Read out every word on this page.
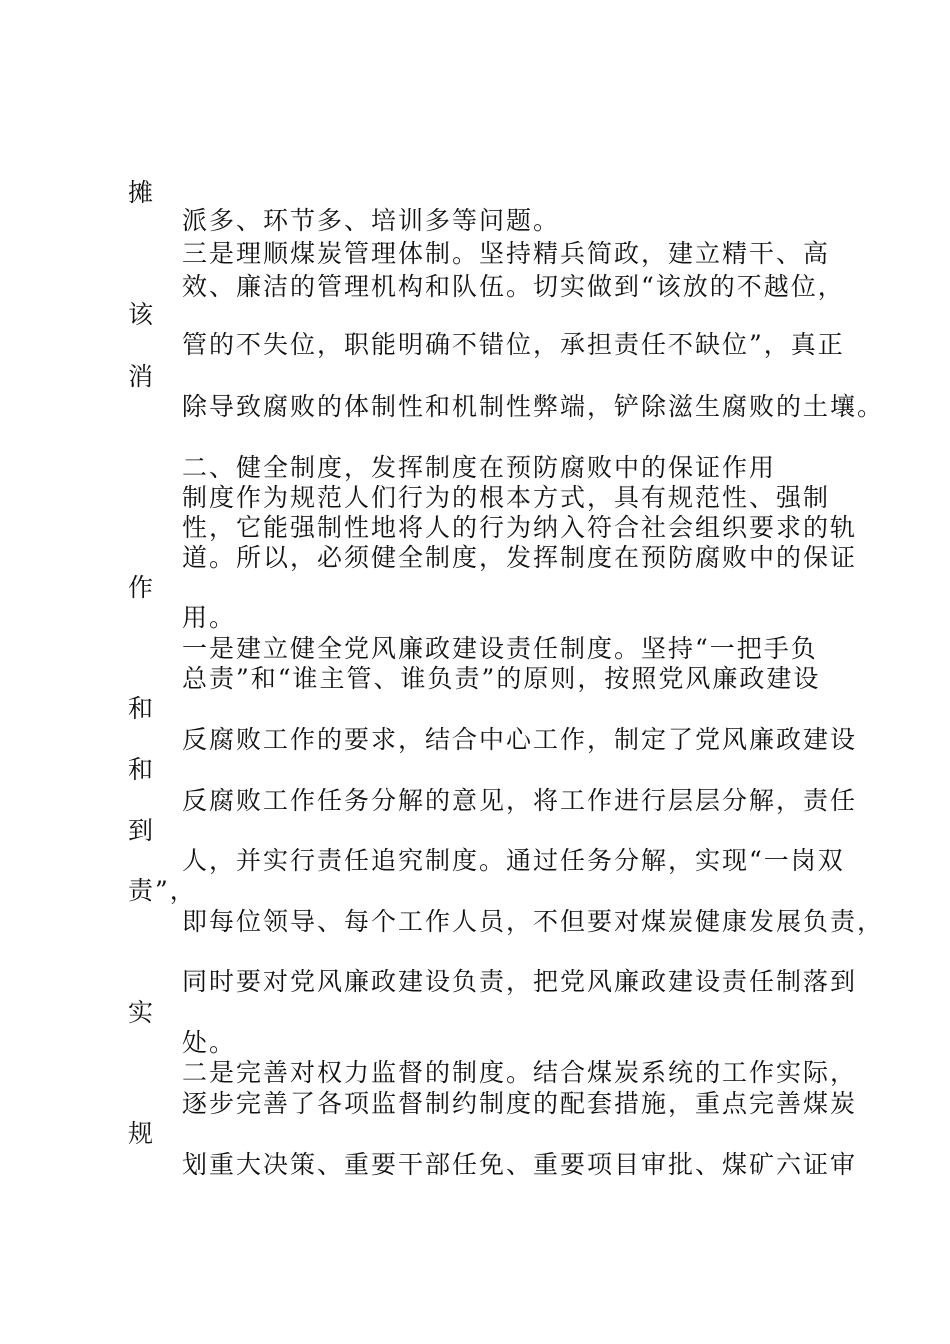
摊
派多、环节多、培训多等问题。
三是理顺煤炭管理体制。坚持精兵简政，建立精干、高
效、廉洁的管理机构和队伍。切实做到“该放的不越位，
该
管的不失位，职能明确不错位，承担责任不缺位”，真正
消
除导致腐败的体制性和机制性弊端，铲除滋生腐败的土壤。
二、健全制度，发挥制度在预防腐败中的保证作用
制度作为规范人们行为的根本方式，具有规范性、强制
性，它能强制性地将人的行为纳入符合社会组织要求的轨
道。所以，必须健全制度，发挥制度在预防腐败中的保证
作
用。
一是建立健全党风廉政建设责任制度。坚持“一把手负
总责”和“谁主管、谁负责”的原则，按照党风廉政建设
和
反腐败工作的要求，结合中心工作，制定了党风廉政建设
和
反腐败工作任务分解的意见，将工作进行层层分解，责任
到
人，并实行责任追究制度。通过任务分解，实现“一岗双
责”，
即每位领导、每个工作人员，不但要对煤炭健康发展负责，
同时要对党风廉政建设负责，把党风廉政建设责任制落到
实
处。
二是完善对权力监督的制度。结合煤炭系统的工作实际，
逐步完善了各项监督制约制度的配套措施，重点完善煤炭
规
划重大决策、重要干部任免、重要项目审批、煤矿六证审
